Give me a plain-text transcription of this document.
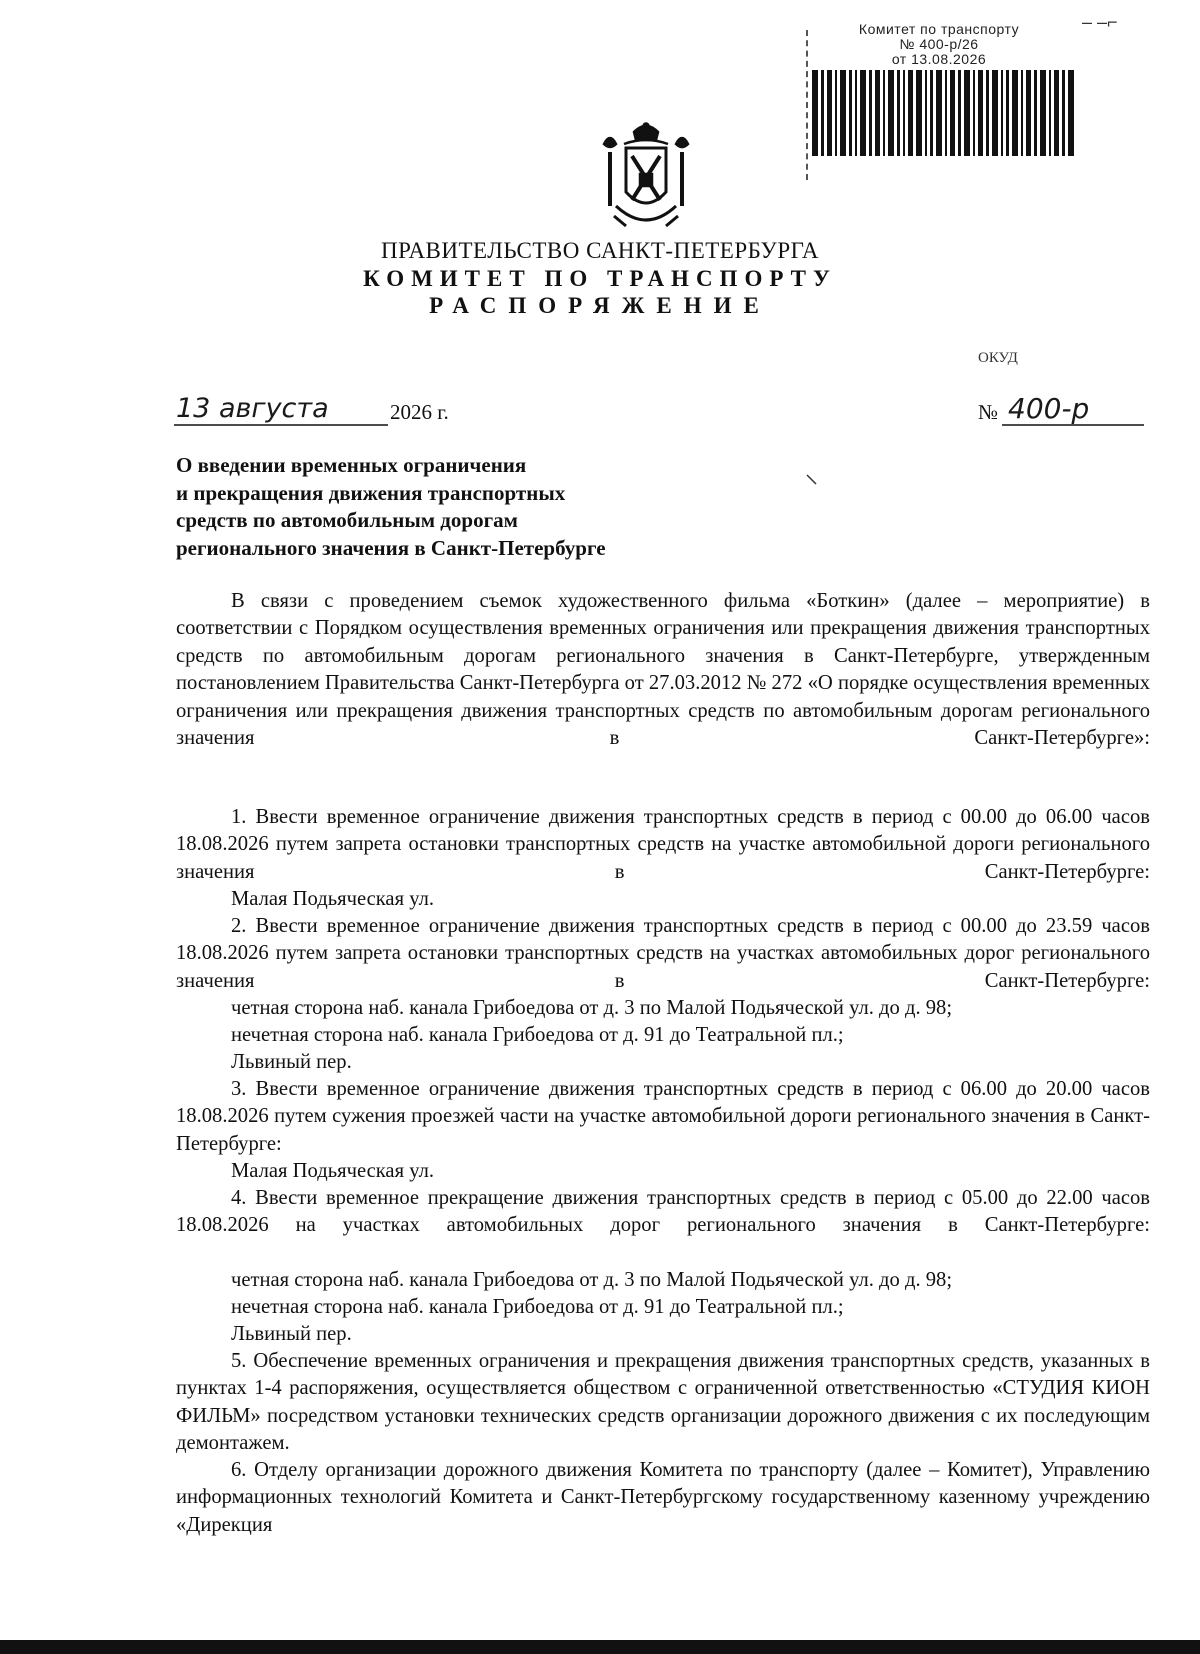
– –⌐
Комитет по транспорту
№ 400-р/26
от 13.08.2026
ПРАВИТЕЛЬСТВО САНКТ-ПЕТЕРБУРГА
КОМИТЕТ ПО ТРАНСПОРТУ
РАСПОРЯЖЕНИЕ
ОКУД
13 августа	2026 г.	№ 400-р
О введении временных ограничения
и прекращения движения транспортных
средств по автомобильным дорогам
регионального значения в Санкт-Петербурге
В связи с проведением съемок художественного фильма «Боткин» (далее – мероприятие) в соответствии с Порядком осуществления временных ограничения или прекращения движения транспортных средств по автомобильным дорогам регионального значения в Санкт-Петербурге, утвержденным постановлением Правительства Санкт-Петербурга от 27.03.2012 № 272 «О порядке осуществления временных ограничения или прекращения движения транспортных средств по автомобильным дорогам регионального значения в Санкт-Петербурге»:
1. Ввести временное ограничение движения транспортных средств в период с 00.00 до 06.00 часов 18.08.2026 путем запрета остановки транспортных средств на участке автомобильной дороги регионального значения в Санкт-Петербурге:
Малая Подьяческая ул.
2. Ввести временное ограничение движения транспортных средств в период с 00.00 до 23.59 часов 18.08.2026 путем запрета остановки транспортных средств на участках автомобильных дорог регионального значения в Санкт-Петербурге:
четная сторона наб. канала Грибоедова от д. 3 по Малой Подьяческой ул. до д. 98;
нечетная сторона наб. канала Грибоедова от д. 91 до Театральной пл.;
Львиный пер.
3. Ввести временное ограничение движения транспортных средств в период с 06.00 до 20.00 часов 18.08.2026 путем сужения проезжей части на участке автомобильной дороги регионального значения в Санкт-Петербурге:
Малая Подьяческая ул.
4. Ввести временное прекращение движения транспортных средств в период с 05.00 до 22.00 часов 18.08.2026 на участках автомобильных дорог регионального значения в Санкт-Петербурге:
четная сторона наб. канала Грибоедова от д. 3 по Малой Подьяческой ул. до д. 98;
нечетная сторона наб. канала Грибоедова от д. 91 до Театральной пл.;
Львиный пер.
5. Обеспечение временных ограничения и прекращения движения транспортных средств, указанных в пунктах 1-4 распоряжения, осуществляется обществом с ограниченной ответственностью «СТУДИЯ КИОН ФИЛЬМ» посредством установки технических средств организации дорожного движения с их последующим демонтажем.
6. Отделу организации дорожного движения Комитета по транспорту (далее – Комитет), Управлению информационных технологий Комитета и Санкт-Петербургскому государственному казенному учреждению «Дирекция
